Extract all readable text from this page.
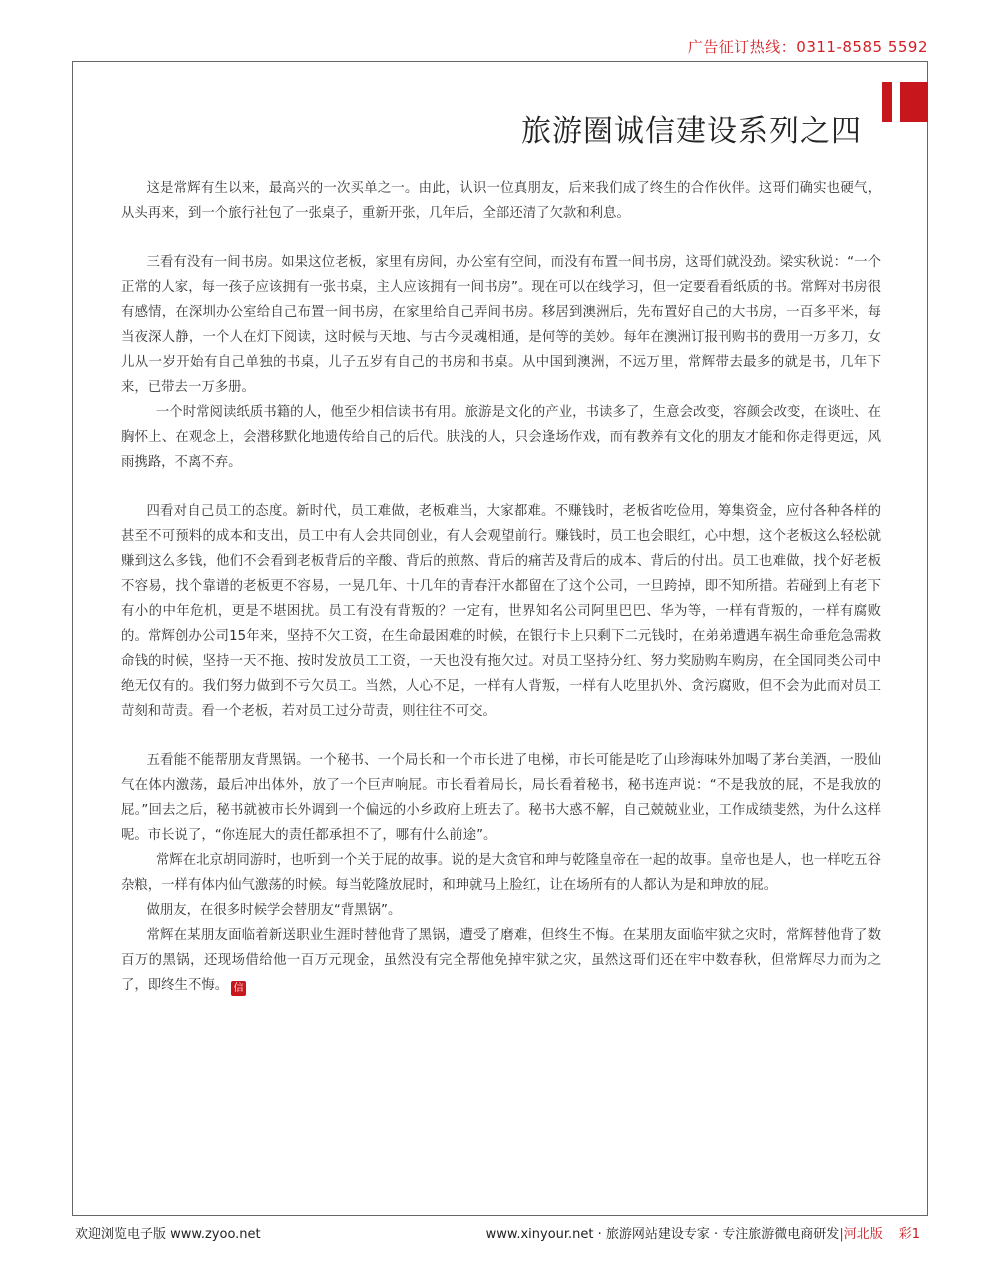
广告征订热线：0311-8585 5592
旅游圈诚信建设系列之四

这是常辉有生以来，最高兴的一次买单之一。由此，认识一位真朋友，后来我们成了终生的合作伙伴。这哥们确实也硬气，从头再来，到一个旅行社包了一张桌子，重新开张，几年后，全部还清了欠款和利息。

三看有没有一间书房。如果这位老板，家里有房间，办公室有空间，而没有布置一间书房，这哥们就没劲。梁实秋说：“一个正常的人家，每一孩子应该拥有一张书桌，主人应该拥有一间书房”。现在可以在线学习，但一定要看看纸质的书。常辉对书房很有感情，在深圳办公室给自己布置一间书房，在家里给自己弄间书房。移居到澳洲后，先布置好自己的大书房，一百多平米，每当夜深人静，一个人在灯下阅读，这时候与天地、与古今灵魂相通，是何等的美妙。每年在澳洲订报刊购书的费用一万多刀，女儿从一岁开始有自己单独的书桌，儿子五岁有自己的书房和书桌。从中国到澳洲，不远万里，常辉带去最多的就是书，几年下来，已带去一万多册。

一个时常阅读纸质书籍的人，他至少相信读书有用。旅游是文化的产业，书读多了，生意会改变，容颜会改变，在谈吐、在胸怀上、在观念上，会潜移默化地遗传给自己的后代。肤浅的人，只会逢场作戏，而有教养有文化的朋友才能和你走得更远，风雨携路，不离不弃。

四看对自己员工的态度。新时代，员工难做，老板难当，大家都难。不赚钱时，老板省吃俭用，筹集资金，应付各种各样的甚至不可预料的成本和支出，员工中有人会共同创业，有人会观望前行。赚钱时，员工也会眼红，心中想，这个老板这么轻松就赚到这么多钱，他们不会看到老板背后的辛酸、背后的煎熬、背后的痛苦及背后的成本、背后的付出。员工也难做，找个好老板不容易，找个靠谱的老板更不容易，一晃几年、十几年的青春汗水都留在了这个公司，一旦跨掉，即不知所措。若碰到上有老下有小的中年危机，更是不堪困扰。员工有没有背叛的？一定有，世界知名公司阿里巴巴、华为等，一样有背叛的，一样有腐败的。常辉创办公司15年来，坚持不欠工资，在生命最困难的时候，在银行卡上只剩下二元钱时，在弟弟遭遇车祸生命垂危急需救命钱的时候，坚持一天不拖、按时发放员工工资，一天也没有拖欠过。对员工坚持分红、努力奖励购车购房，在全国同类公司中绝无仅有的。我们努力做到不亏欠员工。当然，人心不足，一样有人背叛，一样有人吃里扒外、贪污腐败，但不会为此而对员工苛刻和苛责。看一个老板，若对员工过分苛责，则往往不可交。

五看能不能帮朋友背黑锅。一个秘书、一个局长和一个市长进了电梯，市长可能是吃了山珍海味外加喝了茅台美酒，一股仙气在体内激荡，最后冲出体外，放了一个巨声响屁。市长看着局长，局长看着秘书，秘书连声说：“不是我放的屁，不是我放的屁。”回去之后，秘书就被市长外调到一个偏远的小乡政府上班去了。秘书大惑不解，自己兢兢业业，工作成绩斐然，为什么这样呢。市长说了，“你连屁大的责任都承担不了，哪有什么前途”。

常辉在北京胡同游时，也听到一个关于屁的故事。说的是大贪官和珅与乾隆皇帝在一起的故事。皇帝也是人，也一样吃五谷杂粮，一样有体内仙气激荡的时候。每当乾隆放屁时，和珅就马上脸红，让在场所有的人都认为是和珅放的屁。

做朋友，在很多时候学会替朋友“背黑锅”。

常辉在某朋友面临着新送职业生涯时替他背了黑锅，遭受了磨难，但终生不悔。在某朋友面临牢狱之灾时，常辉替他背了数百万的黑锅，还现场借给他一百万元现金，虽然没有完全帮他免掉牢狱之灾，虽然这哥们还在牢中数春秋，但常辉尽力而为之了，即终生不悔。 信

欢迎浏览电子版 www.zyoo.net	www.xinyour.net · 旅游网站建设专家 · 专注旅游微电商研发|河北版 彩1
